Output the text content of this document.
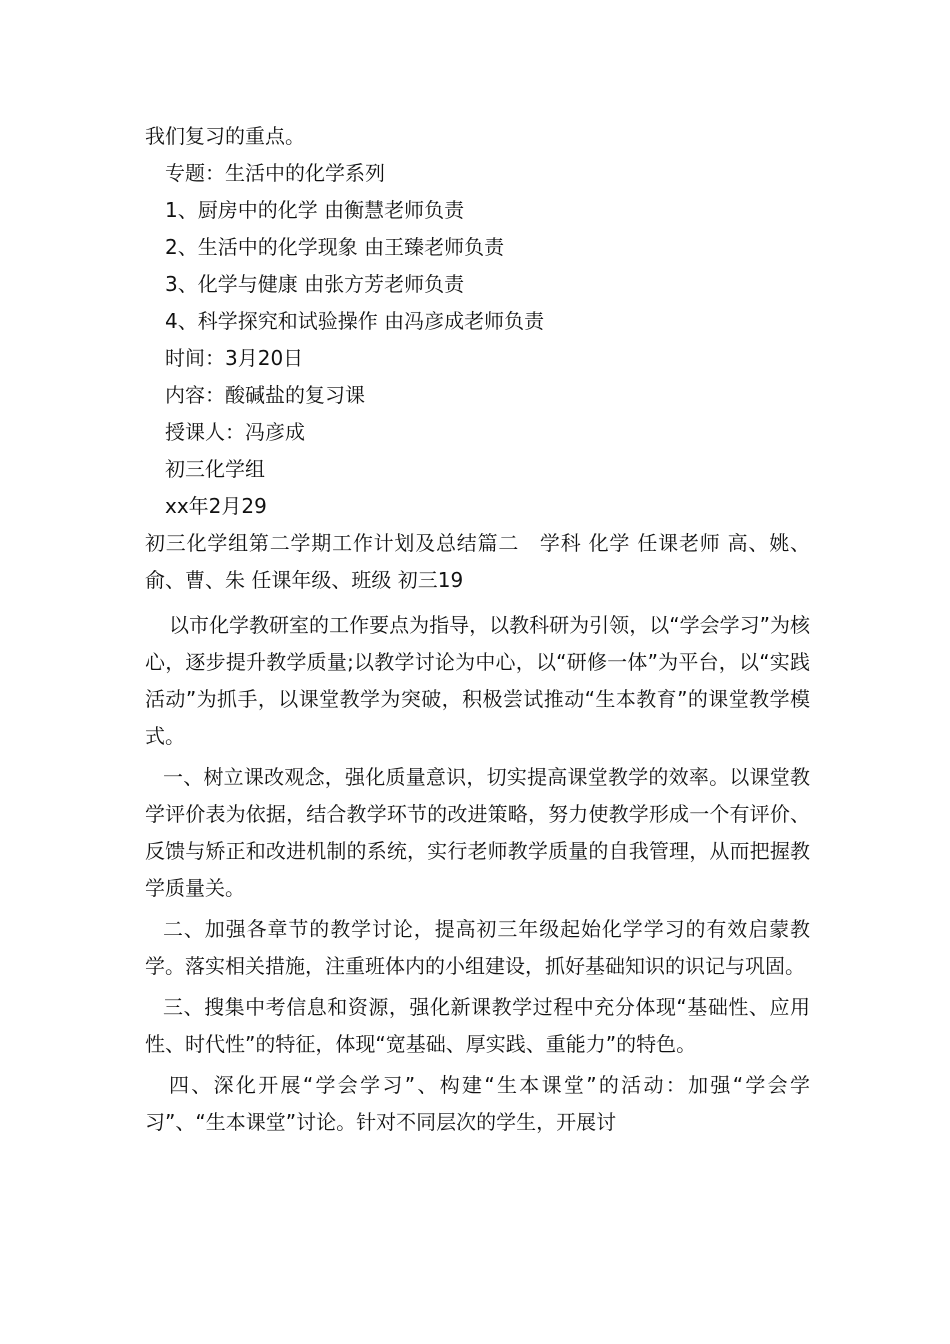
我们复习的重点。

专题：生活中的化学系列

1、厨房中的化学 由衡慧老师负责

2、生活中的化学现象 由王臻老师负责

3、化学与健康 由张方芳老师负责

4、科学探究和试验操作 由冯彦成老师负责

时间：3月20日

内容：酸碱盐的复习课

授课人：冯彦成

初三化学组

xx年2月29

初三化学组第二学期工作计划及总结篇二　学科 化学 任课老师 高、姚、俞、曹、朱 任课年级、班级 初三19

以市化学教研室的工作要点为指导，以教科研为引领，以“学会学习”为核心，逐步提升教学质量;以教学讨论为中心，以“研修一体”为平台，以“实践活动”为抓手，以课堂教学为突破，积极尝试推动“生本教育”的课堂教学模式。

一、树立课改观念，强化质量意识，切实提高课堂教学的效率。以课堂教学评价表为依据，结合教学环节的改进策略，努力使教学形成一个有评价、反馈与矫正和改进机制的系统，实行老师教学质量的自我管理，从而把握教学质量关。

二、加强各章节的教学讨论，提高初三年级起始化学学习的有效启蒙教学。落实相关措施，注重班体内的小组建设，抓好基础知识的识记与巩固。

三、搜集中考信息和资源，强化新课教学过程中充分体现“基础性、应用性、时代性”的特征，体现“宽基础、厚实践、重能力”的特色。

四、深化开展“学会学习”、构建“生本课堂”的活动：加强“学会学习”、“生本课堂”讨论。针对不同层次的学生，开展讨
